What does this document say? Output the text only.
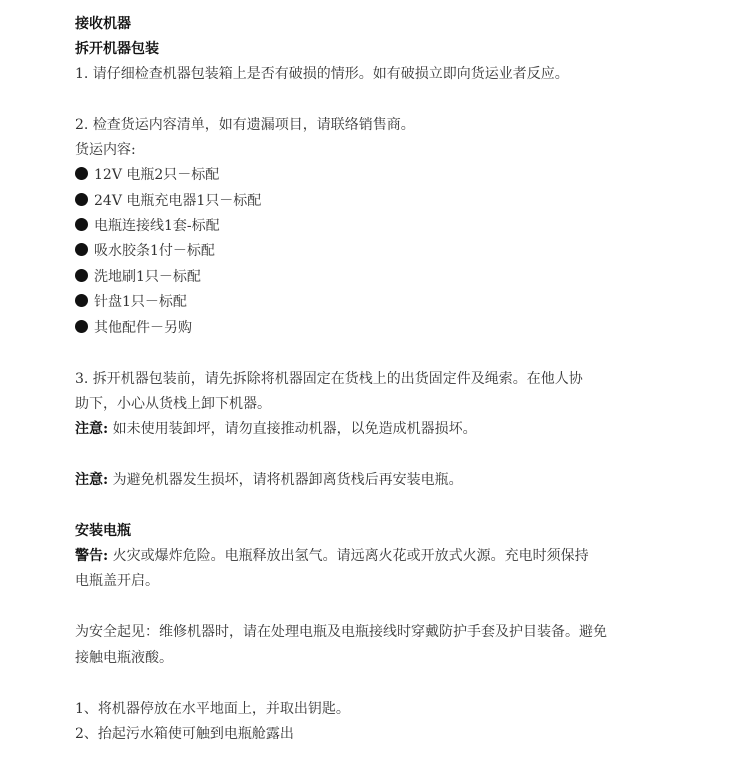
接收机器
拆开机器包装
1. 请仔细检查机器包装箱上是否有破损的情形。如有破损立即向货运业者反应。
2. 检查货运内容清单，如有遗漏项目，请联络销售商。
货运内容:
12V 电瓶2只－标配
24V 电瓶充电器1只－标配
电瓶连接线1套-标配
吸水胶条1付－标配
洗地刷1只－标配
针盘1只－标配
其他配件－另购
3. 拆开机器包装前，请先拆除将机器固定在货栈上的出货固定件及绳索。在他人协
助下，小心从货栈上卸下机器。
注意: 如未使用装卸坪，请勿直接推动机器，以免造成机器损坏。
注意: 为避免机器发生损坏，请将机器卸离货栈后再安装电瓶。
安装电瓶
警告: 火灾或爆炸危险。电瓶释放出氢气。请远离火花或开放式火源。充电时须保持
电瓶盖开启。
为安全起见：维修机器时，请在处理电瓶及电瓶接线时穿戴防护手套及护目装备。避免
接触电瓶液酸。
1、将机器停放在水平地面上，并取出钥匙。
2、抬起污水箱使可触到电瓶舱露出
